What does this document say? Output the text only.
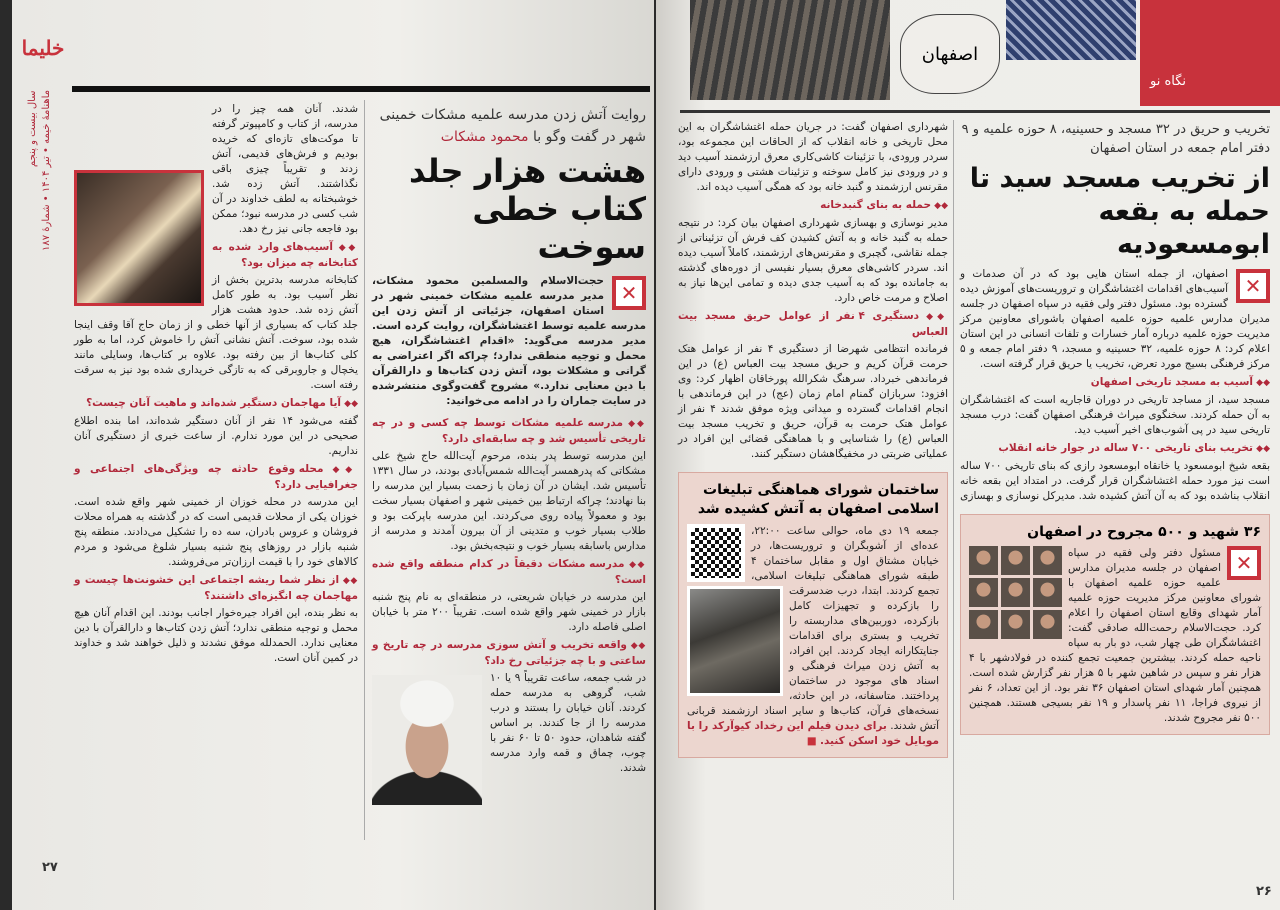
خلیما
سال بیست و پنجم
ماهنامهٔ خیمه • تیر ۱۴۰۴ • شمارهٔ ۱۸۷	شدند. آنان همه چیز را در مدرسه، از کتاب و کامپیوتر گرفته تا موکت‌های تازه‌ای که خریده بودیم و فرش‌های قدیمی، آتش زدند و تقریباً چیزی باقی نگذاشتند. آتش زده شد. خوشبختانه به لطف خداوند در آن شب کسی در مدرسه نبود؛ ممکن بود فاجعه جانی نیز رخ دهد.

◆◆ آسیب‌های وارد شده به کتابخانه چه میزان بود؟

کتابخانه مدرسه بدترین بخش از نظر آسیب بود. به طور کامل آتش زده شد. حدود هشت هزار جلد کتاب که بسیاری از آنها خطی و از زمان حاج آقا وقف اینجا شده بود، سوخت. آتش نشانی آتش را خاموش کرد، اما به طور کلی کتاب‌ها از بین رفته بود. علاوه بر کتاب‌ها، وسایلی مانند یخچال و جاروبرقی که به تازگی خریداری شده بود نیز به سرقت رفته است.

◆◆ آیا مهاجمان دستگیر شده‌اند و ماهیت آنان چیست؟

گفته می‌شود ۱۴ نفر از آنان دستگیر شده‌اند، اما بنده اطلاع صحیحی در این مورد ندارم. از ساعت خبری از دستگیری آنان نداریم.

◆◆ محله وقوع حادثه چه ویژگی‌های اجتماعی و جغرافیایی دارد؟

این مدرسه در محله خوزان از خمینی شهر واقع شده است. خوزان یکی از محلات قدیمی است که در گذشته به همراه محلات فروشان و عروس بادران، سه ده را تشکیل می‌دادند. منطقه پنج شنبه بازار در روزهای پنج شنبه بسیار شلوغ می‌شود و مردم کالاهای خود را با قیمت ارزان‌تر می‌فروشند.

◆◆ از نظر شما ریشه اجتماعی این خشونت‌ها چیست و مهاجمان چه انگیزه‌ای داشتند؟

به نظر بنده، این افراد جیره‌خوار اجانب بودند. این اقدام آنان هیچ محمل و توجیه منطقی ندارد؛ آتش زدن کتاب‌ها و دارالقرآن با دین معنایی ندارد. الحمدلله موفق نشدند و ذلیل خواهند شد و خداوند در کمین آنان است.

روایت آتش زدن مدرسه علمیه مشکات خمینی شهر در گفت وگو با محمود مشکات
هشت هزار جلد کتاب خطی سوخت
✕
حجت‌الاسلام والمسلمین محمود مشکات، مدیر مدرسه علمیه مشکات خمینی شهر در استان اصفهان، جزئیاتی از آتش زدن این مدرسه علمیه توسط اغتشاشگران، روایت کرده است. مدیر مدرسه می‌گوید: «اقدام اغتشاشگران، هیچ محمل و توجیه منطقی ندارد؛ چراکه اگر اعتراضی به گرانی و مشکلات بود، آتش زدن کتاب‌ها و دارالقرآن با دین معنایی ندارد.» مشروح گفت‌وگوی منتشرشده در سایت جماران را در ادامه می‌خوانید:

◆◆ مدرسه علمیه مشکات توسط چه کسی و در چه تاریخی تأسیس شد و چه سابقه‌ای دارد؟

این مدرسه توسط پدر بنده، مرحوم آیت‌الله حاج شیخ علی مشکاتی که پدرهمسر آیت‌الله شمس‌آبادی بودند، در سال ۱۳۳۱ تأسیس شد. ایشان در آن زمان با زحمت بسیار این مدرسه را بنا نهادند؛ چراکه ارتباط بین خمینی شهر و اصفهان بسیار سخت بود و معمولاً پیاده روی می‌کردند. این مدرسه باپرکت بود و طلاب بسیار خوب و متدینی از آن بیرون آمدند و مدرسه از مدارس باسابقه بسیار خوب و نتیجه‌بخش بود.

◆◆ مدرسه مشکات دقیقاً در کدام منطقه واقع شده است؟

این مدرسه در خیابان شریعتی، در منطقه‌ای به نام پنج شنبه بازار در خمینی شهر واقع شده است. تقریباً ۲۰۰ متر با خیابان اصلی فاصله دارد.

◆◆ واقعه تخریب و آتش سوزی مدرسه در چه تاریخ و ساعتی و با چه جزئیاتی رخ داد؟

در شب جمعه، ساعت تقریباً ۹ یا ۱۰ شب، گروهی به مدرسه حمله کردند. آنان خیابان را بستند و درب مدرسه را از جا کندند. بر اساس گفته شاهدان، حدود ۵۰ تا ۶۰ نفر با چوب، چماق و قمه وارد مدرسه شدند.

۲۷
اصفهان
نگاه نو

شهرداری اصفهان گفت: در جریان حمله اغتشاشگران به این محل تاریخی و خانه انقلاب که از الحاقات این مجموعه بود، سردر ورودی، با تزئینات کاشی‌کاری معرق ارزشمند آسیب دید و در ورودی نیز کامل سوخته و تزئینات هشتی و ورودی دارای مقرنس ارزشمند و گنبد خانه بود که همگی آسیب دیده اند.

◆◆ حمله به بنای گنبدخانه

مدیر نوسازی و بهسازی شهرداری اصفهان بیان کرد: در نتیجه حمله به گنبد خانه و به آتش کشیدن کف فرش آن تزئیناتی از جمله نقاشی، گچبری و مقرنس‌های ارزشمند، کاملاً آسیب دیده اند. سردر کاشی‌های معرق بسیار نفیسی از دوره‌های گذشته به جامانده بود که به آسیب جدی دیده و تمامی این‌ها نیاز به اصلاح و مرمت خاص دارد.

◆◆ دستگیری ۴ نفر از عوامل حریق مسجد بیت العباس

فرمانده انتظامی شهرضا از دستگیری ۴ نفر از عوامل هتک حرمت قرآن کریم و حریق مسجد بیت العباس (ع) در این فرماندهی خبرداد. سرهنگ شکرالله پورخاقان اظهار کرد: وی افزود: سربازان گمنام امام زمان (عج) در این فرماندهی با انجام اقدامات گسترده و میدانی ویژه موفق شدند ۴ نفر از عوامل هتک حرمت به قرآن، حریق و تخریب مسجد بیت العباس (ع) را شناسایی و با هماهنگی قضائی این افراد در عملیاتی ضربتی در مخفیگاهشان دستگیر کنند.

ساختمان شورای هماهنگی تبلیغات اسلامی اصفهان به آتش کشیده شد
جمعه ۱۹ دی ماه، حوالی ساعت ۲۲:۰۰، عده‌ای از آشوبگران و تروریست‌ها، در خیابان مشتاق اول و مقابل ساختمان ۴ طبقه شورای هماهنگی تبلیغات اسلامی، تجمع کردند. ابتدا، درب ضدسرقت را بازکرده و تجهیزات کامل بازکرده، دوربین‌های مداربسته را تخریب و بستری برای اقدامات جنایتکارانه ایجاد کردند. این افراد، به آتش زدن میراث فرهنگی و اسناد های موجود در ساختمان پرداختند. متاسفانه، در این حادثه، نسخه‌های قرآن، کتاب‌ها و سایر اسناد ارزشمند قربانی آتش شدند. برای دیدن فیلم این رخداد کیوآرکد را با موبایل خود اسکن کنید. ■
تخریب و حریق در ۳۲ مسجد و حسینیه، ۸ حوزه علمیه و ۹ دفتر امام جمعه در استان اصفهان
از تخریب مسجد سید تا حمله به بقعه ابومسعودیه
✕

اصفهان، از جمله استان هایی بود که در آن صدمات و آسیب‌های اقدامات اغتشاشگران و تروریست‌های آموزش دیده گسترده بود. مسئول دفتر ولی فقیه در سپاه اصفهان در جلسه مدیران مدارس علمیه حوزه علمیه اصفهان باشورای معاونین مرکز مدیریت حوزه علمیه درباره آمار خسارات و تلفات انسانی در این استان اعلام کرد: ۸ حوزه علمیه، ۳۲ حسینیه و مسجد، ۹ دفتر امام جمعه و ۵ مرکز فرهنگی بسیج مورد تعرض، تخریب یا حریق قرار گرفته است.

◆◆ آسیب به مسجد تاریخی اصفهان

مسجد سید، از مساجد تاریخی در دوران قاجاریه است که اغتشاشگران به آن حمله کردند. سخنگوی میراث فرهنگی اصفهان گفت: درب مسجد تاریخی سید در پی آشوب‌های اخیر آسیب دید.

◆◆ تخریب بنای تاریخی ۷۰۰ ساله در جوار خانه انقلاب

بقعه شیخ ابومسعود یا خانقاه ابومسعود رازی که بنای تاریخی ۷۰۰ ساله است نیز مورد حمله اغتشاشگران قرار گرفت. در امتداد این بقعه خانه انقلاب بناشده بود که به آن آتش کشیده شد. مدیرکل نوسازی و بهسازی

۳۶ شهید و ۵۰۰ مجروح در اصفهان
✕
مسئول دفتر ولی فقیه در سپاه اصفهان در جلسه مدیران مدارس علمیه حوزه علمیه اصفهان با شورای معاونین مرکز مدیریت حوزه علمیه آمار شهدای وقایع استان اصفهان را اعلام کرد. حجت‌الاسلام رحمت‌الله صادقی گفت: اغتشاشگران طی چهار شب، دو بار به سپاه ناحیه حمله کردند. بیشترین جمعیت تجمع کننده در فولادشهر با ۴ هزار نفر و سپس در شاهین شهر با ۵ هزار نفر گزارش شده است. همچنین آمار شهدای استان اصفهان ۳۶ نفر بود. از این تعداد، ۶ نفر از نیروی فراجا، ۱۱ نفر پاسدار و ۱۹ نفر بسیجی هستند. همچنین ۵۰۰ نفر مجروح شدند.
۲۶
